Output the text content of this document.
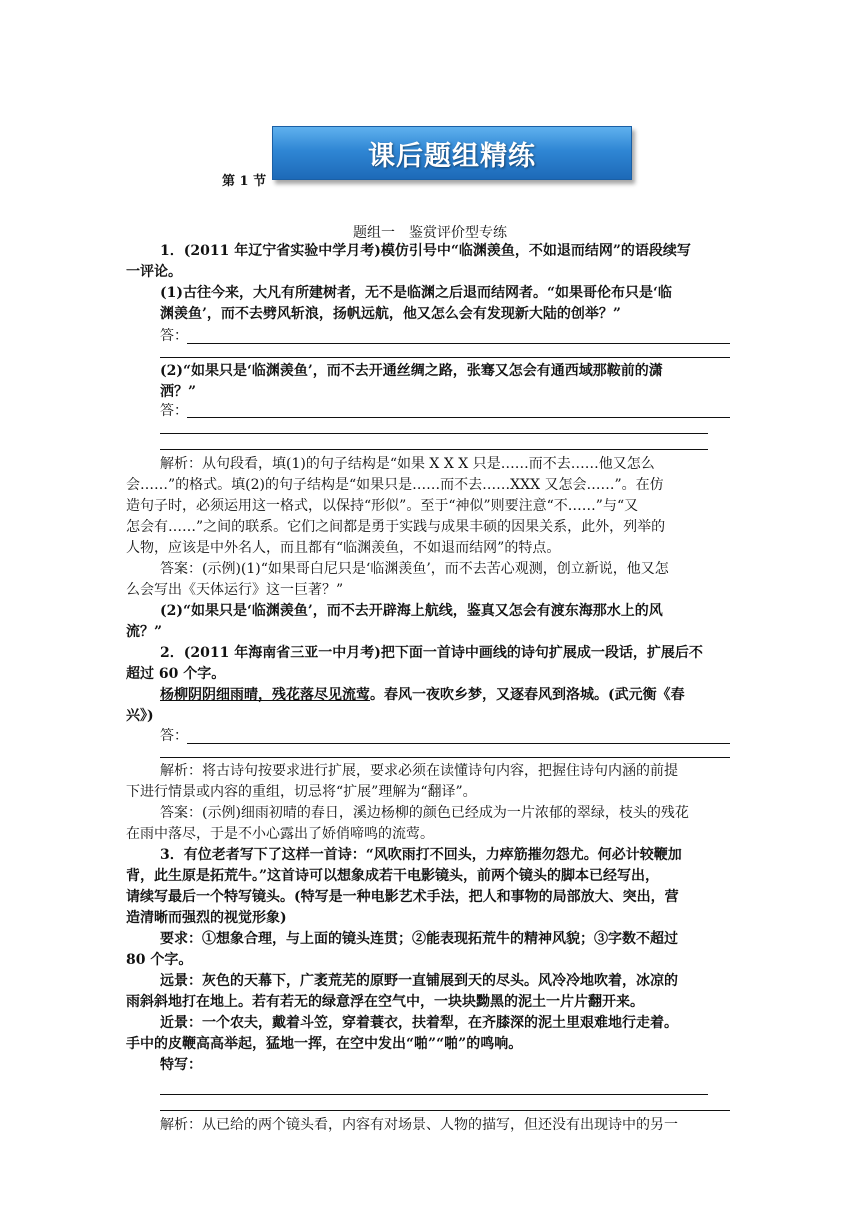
第 1 节
课后题组精练
题组一　鉴赏评价型专练
1．(2011 年辽宁省实验中学月考)模仿引号中“临渊羡鱼，不如退而结网”的语段续写
一评论。
(1)古往今来，大凡有所建树者，无不是临渊之后退而结网者。“如果哥伦布只是‘临
渊羡鱼’，而不去劈风斩浪，扬帆远航，他又怎么会有发现新大陆的创举？”
答：
(2)“如果只是‘临渊羡鱼’，而不去开通丝绸之路，张骞又怎会有通西域那鞍前的潇
洒？”
答：
解析：从句段看，填(1)的句子结构是“如果 X X X 只是……而不去……他又怎么
会……”的格式。填(2)的句子结构是“如果只是……而不去……XXX 又怎会……”。在仿
造句子时，必须运用这一格式，以保持“形似”。至于“神似”则要注意“不……”与“又
怎会有……”之间的联系。它们之间都是勇于实践与成果丰硕的因果关系，此外，列举的
人物，应该是中外名人，而且都有“临渊羡鱼，不如退而结网”的特点。
答案：(示例)(1)“如果哥白尼只是‘临渊羡鱼’，而不去苦心观测，创立新说，他又怎
么会写出《天体运行》这一巨著？”
(2)“如果只是‘临渊羡鱼’，而不去开辟海上航线，鉴真又怎会有渡东海那水上的风
流？”
2．(2011 年海南省三亚一中月考)把下面一首诗中画线的诗句扩展成一段话，扩展后不
超过 60 个字。
杨柳阴阴细雨晴，残花落尽见流莺。春风一夜吹乡梦，又逐春风到洛城。(武元衡《春
兴》)
答：
解析：将古诗句按要求进行扩展，要求必须在读懂诗句内容，把握住诗句内涵的前提
下进行情景或内容的重组，切忌将“扩展”理解为“翻译”。
答案：(示例)细雨初晴的春日，溪边杨柳的颜色已经成为一片浓郁的翠绿，枝头的残花
在雨中落尽，于是不小心露出了娇俏啼鸣的流莺。
3．有位老者写下了这样一首诗：“风吹雨打不回头，力瘁筋摧勿怨尤。何必计较鞭加
背，此生原是拓荒牛。”这首诗可以想象成若干电影镜头，前两个镜头的脚本已经写出，
请续写最后一个特写镜头。(特写是一种电影艺术手法，把人和事物的局部放大、突出，营
造清晰而强烈的视觉形象)
要求：①想象合理，与上面的镜头连贯；②能表现拓荒牛的精神风貌；③字数不超过
80 个字。
远景：灰色的天幕下，广袤荒芜的原野一直铺展到天的尽头。风冷冷地吹着，冰凉的
雨斜斜地打在地上。若有若无的绿意浮在空气中，一块块黝黑的泥土一片片翻开来。
近景：一个农夫，戴着斗笠，穿着蓑衣，扶着犁，在齐膝深的泥土里艰难地行走着。
手中的皮鞭高高举起，猛地一挥，在空中发出“啪”“啪”的鸣响。
特写：
解析：从已给的两个镜头看，内容有对场景、人物的描写，但还没有出现诗中的另一
